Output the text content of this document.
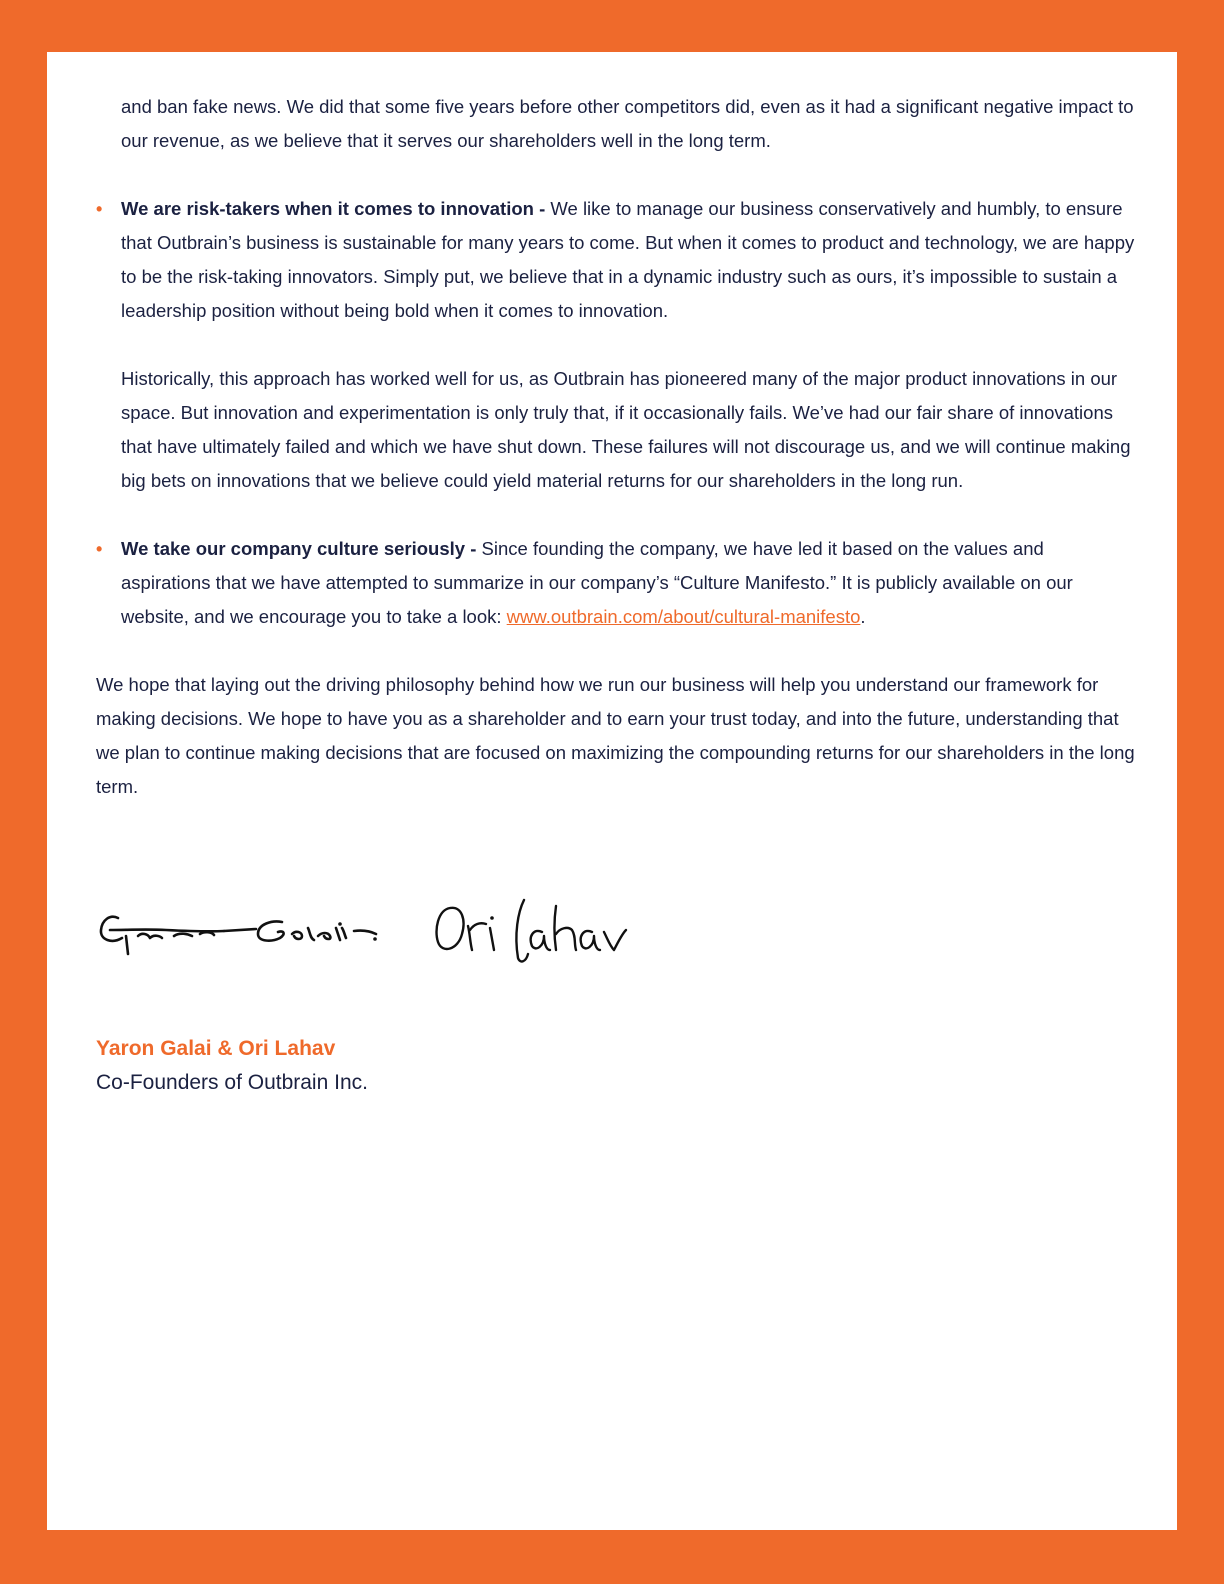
and ban fake news. We did that some five years before other competitors did, even as it had a significant negative impact to our revenue, as we believe that it serves our shareholders well in the long term.

• We are risk-takers when it comes to innovation - We like to manage our business conservatively and humbly, to ensure that Outbrain’s business is sustainable for many years to come. But when it comes to product and technology, we are happy to be the risk-taking innovators. Simply put, we believe that in a dynamic industry such as ours, it’s impossible to sustain a leadership position without being bold when it comes to innovation.

Historically, this approach has worked well for us, as Outbrain has pioneered many of the major product innovations in our space. But innovation and experimentation is only truly that, if it occasionally fails. We’ve had our fair share of innovations that have ultimately failed and which we have shut down. These failures will not discourage us, and we will continue making big bets on innovations that we believe could yield material returns for our shareholders in the long run.

• We take our company culture seriously - Since founding the company, we have led it based on the values and aspirations that we have attempted to summarize in our company’s “Culture Manifesto.” It is publicly available on our website, and we encourage you to take a look: www.outbrain.com/about/cultural-manifesto.

We hope that laying out the driving philosophy behind how we run our business will help you understand our framework for making decisions. We hope to have you as a shareholder and to earn your trust today, and into the future, understanding that we plan to continue making decisions that are focused on maximizing the compounding returns for our shareholders in the long term.

Yaron Galai & Ori Lahav
Co-Founders of Outbrain Inc.
